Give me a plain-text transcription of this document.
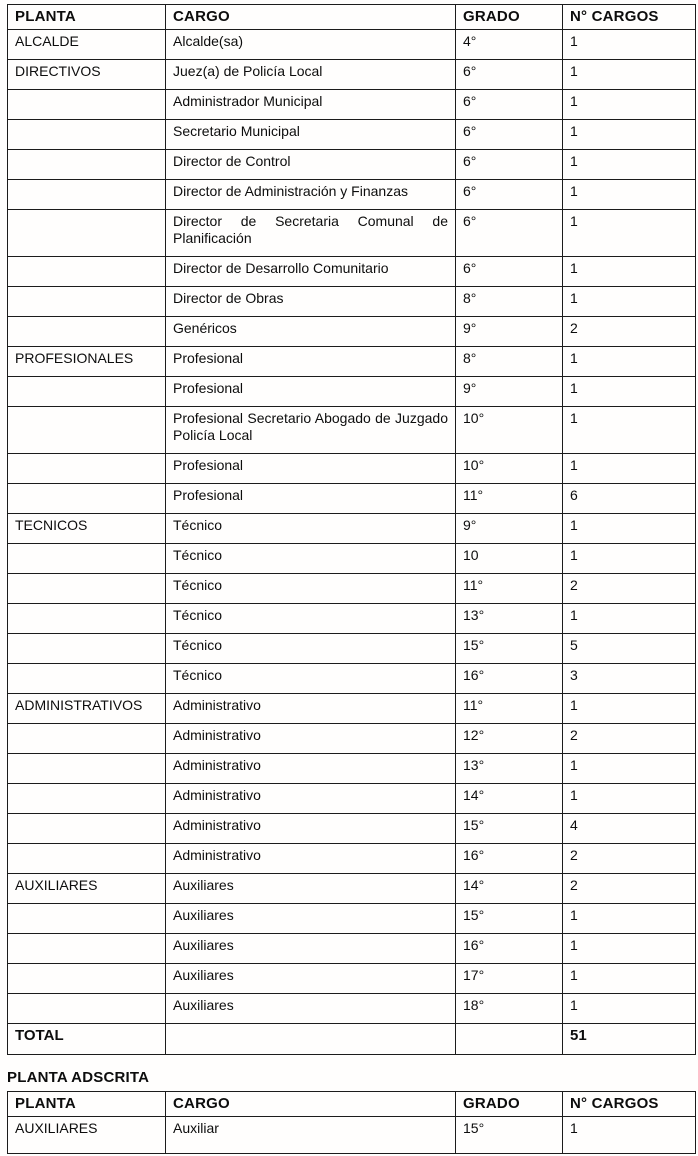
PLANTA	CARGO	GRADO	N° CARGOS
ALCALDE	Alcalde(sa)	4°	1
DIRECTIVOS	Juez(a) de Policía Local	6°	1
	Administrador Municipal	6°	1
	Secretario Municipal	6°	1
	Director de Control	6°	1
	Director de Administración y Finanzas	6°	1
	Director de Secretaria Comunal de Planificación	6°	1
	Director de Desarrollo Comunitario	6°	1
	Director de Obras	8°	1
	Genéricos	9°	2
PROFESIONALES	Profesional	8°	1
	Profesional	9°	1
	Profesional Secretario Abogado de Juzgado Policía Local	10°	1
	Profesional	10°	1
	Profesional	11°	6
TECNICOS	Técnico	9°	1
	Técnico	10	1
	Técnico	11°	2
	Técnico	13°	1
	Técnico	15°	5
	Técnico	16°	3
ADMINISTRATIVOS	Administrativo	11°	1
	Administrativo	12°	2
	Administrativo	13°	1
	Administrativo	14°	1
	Administrativo	15°	4
	Administrativo	16°	2
AUXILIARES	Auxiliares	14°	2
	Auxiliares	15°	1
	Auxiliares	16°	1
	Auxiliares	17°	1
	Auxiliares	18°	1
TOTAL			51
PLANTA ADSCRITA
PLANTA	CARGO	GRADO	N° CARGOS
AUXILIARES	Auxiliar	15°	1
